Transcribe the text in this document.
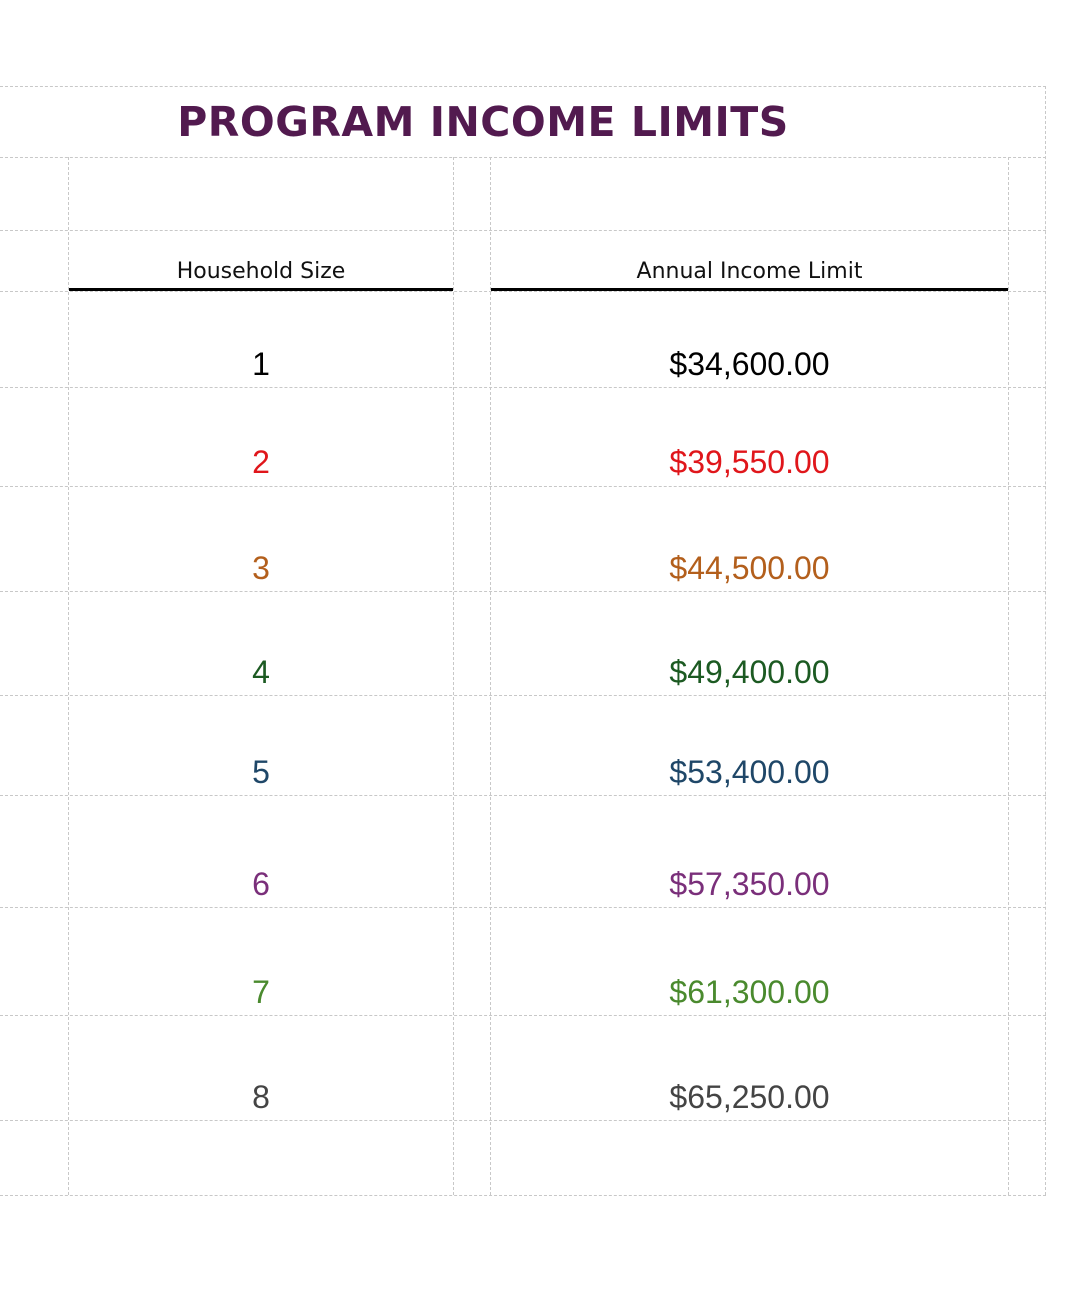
PROGRAM INCOME LIMITS
Household Size	Annual Income Limit
1	$34,600.00
2	$39,550.00
3	$44,500.00
4	$49,400.00
5	$53,400.00
6	$57,350.00
7	$61,300.00
8	$65,250.00
